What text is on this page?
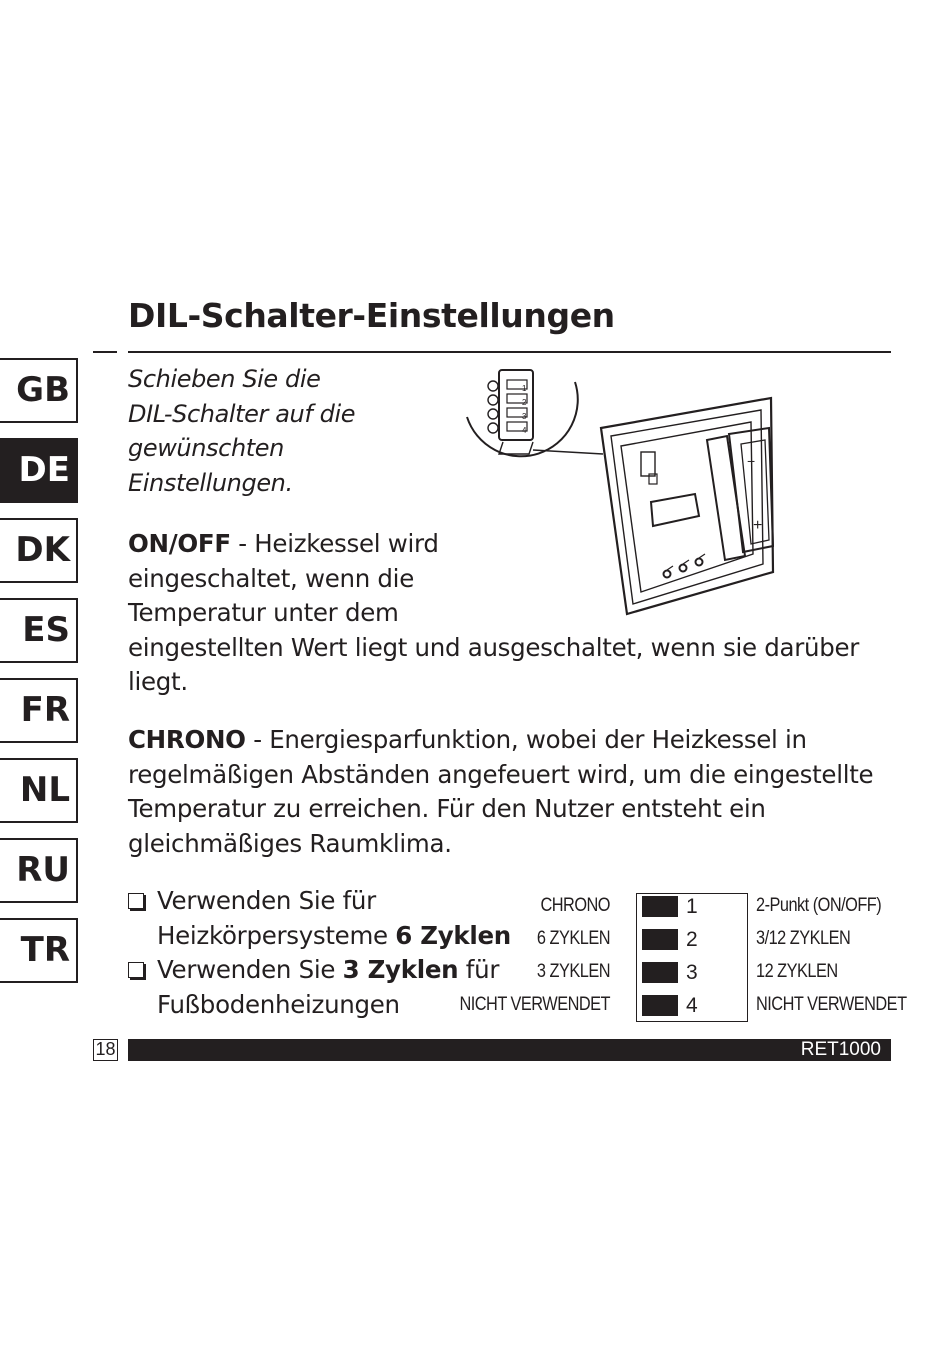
DIL-Schalter-Einstellungen
GB
DE
DK
ES
FR
NL
RU
TR

Schieben Sie die
DIL-Schalter auf die
gewünschten
Einstellungen.

1
2
3
4
+
−

ON/OFF - Heizkessel wird
eingeschaltet, wenn die
Temperatur unter dem
eingestellten Wert liegt und ausgeschaltet, wenn sie darüber
liegt.

CHRONO - Energiesparfunktion, wobei der Heizkessel in
regelmäßigen Abständen angefeuert wird, um die eingestellte
Temperatur zu erreichen. Für den Nutzer entsteht ein
gleichmäßiges Raumklima.

Verwenden Sie für
Heizkörpersysteme 6 Zyklen
Verwenden Sie 3 Zyklen für
Fußbodenheizungen
CHRONO	1	2-Punkt (ON/OFF)
6 ZYKLEN	2	3/12 ZYKLEN
3 ZYKLEN	3	12 ZYKLEN
NICHT VERWENDET	4	NICHT VERWENDET
18	RET1000
